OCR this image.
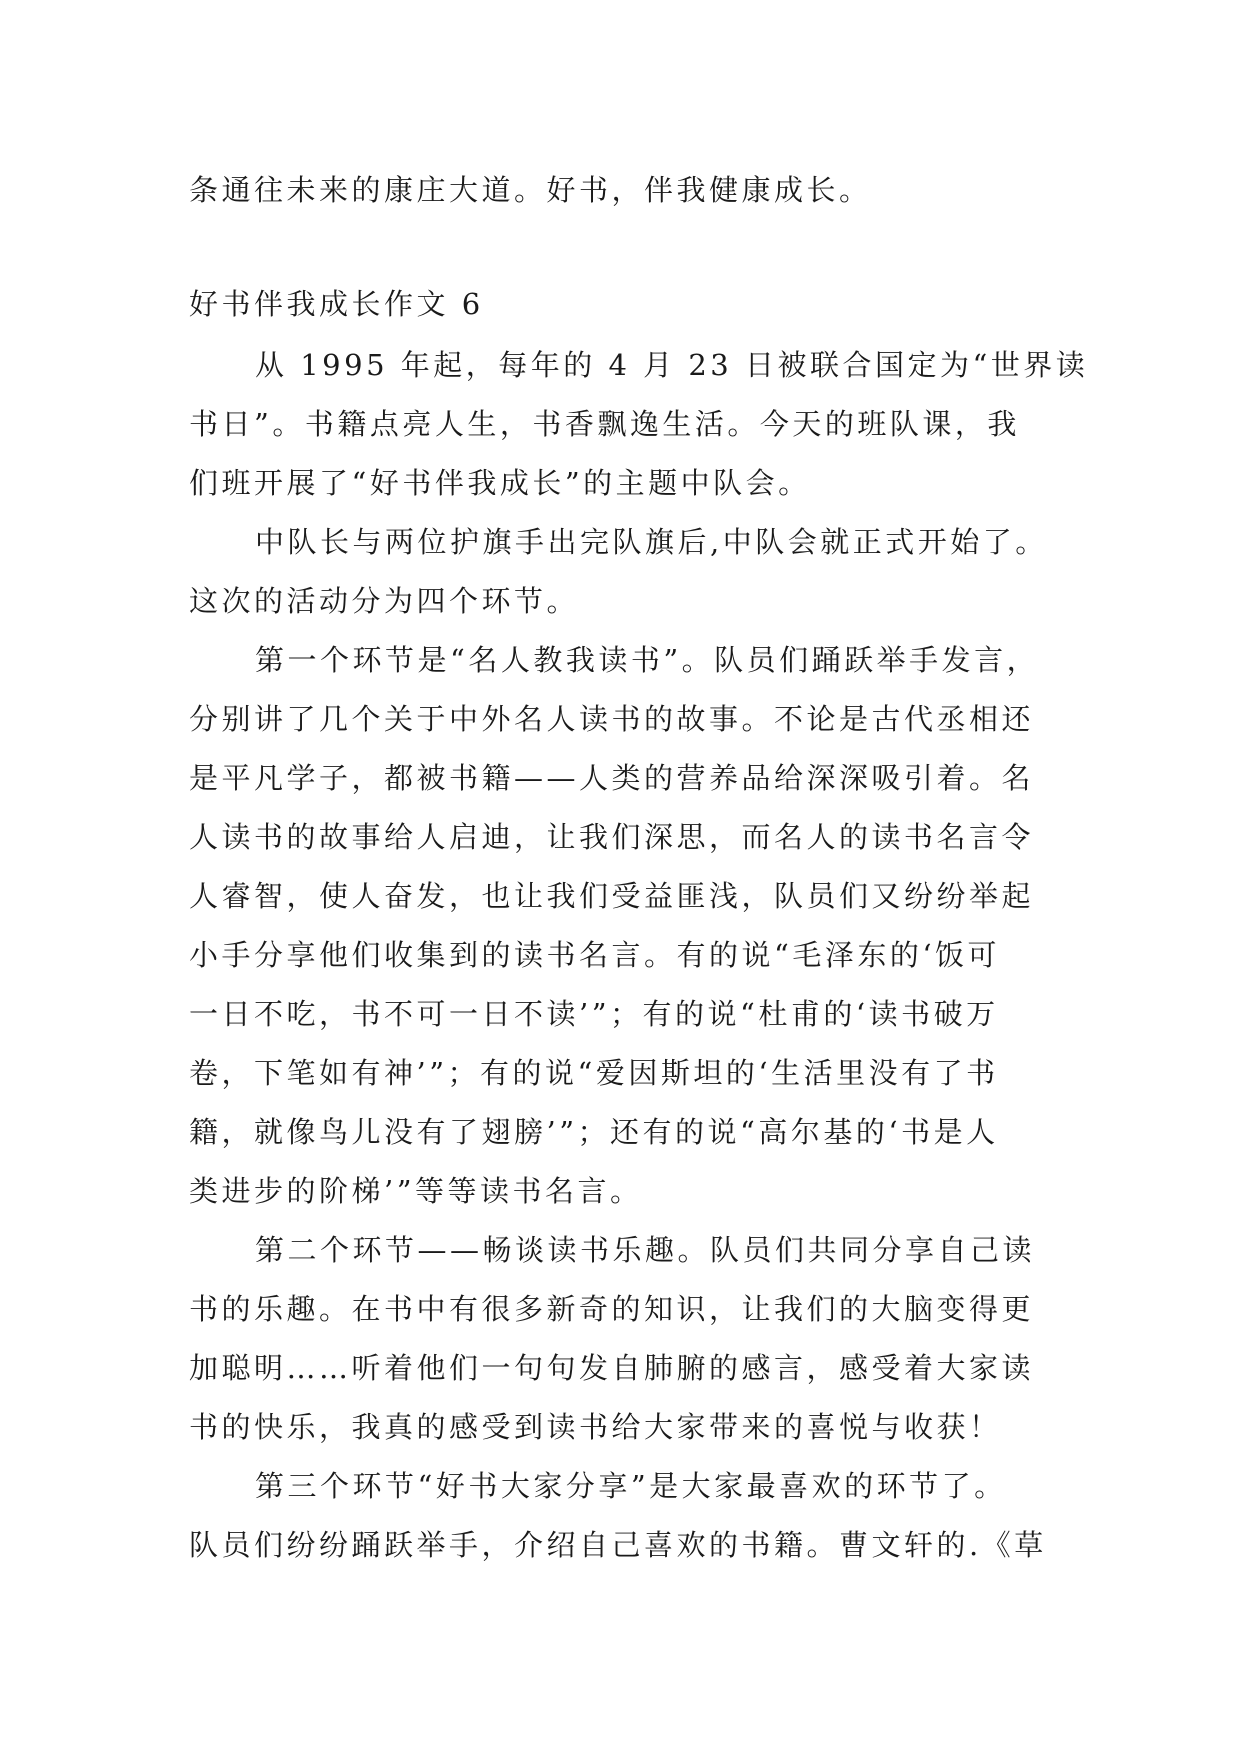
条通往未来的康庄大道。好书，伴我健康成长。
好书伴我成长作文 6
从 1995 年起，每年的 4 月 23 日被联合国定为“世界读
书日”。书籍点亮人生，书香飘逸生活。今天的班队课，我
们班开展了“好书伴我成长”的主题中队会。
中队长与两位护旗手出完队旗后,中队会就正式开始了。
这次的活动分为四个环节。
第一个环节是“名人教我读书”。队员们踊跃举手发言，
分别讲了几个关于中外名人读书的故事。不论是古代丞相还
是平凡学子，都被书籍——人类的营养品给深深吸引着。名
人读书的故事给人启迪，让我们深思，而名人的读书名言令
人睿智，使人奋发，也让我们受益匪浅，队员们又纷纷举起
小手分享他们收集到的读书名言。有的说“毛泽东的‘饭可
一日不吃，书不可一日不读’”；有的说“杜甫的‘读书破万
卷，下笔如有神’”；有的说“爱因斯坦的‘生活里没有了书
籍，就像鸟儿没有了翅膀’”；还有的说“高尔基的‘书是人
类进步的阶梯’”等等读书名言。
第二个环节——畅谈读书乐趣。队员们共同分享自己读
书的乐趣。在书中有很多新奇的知识，让我们的大脑变得更
加聪明……听着他们一句句发自肺腑的感言，感受着大家读
书的快乐，我真的感受到读书给大家带来的喜悦与收获！
第三个环节“好书大家分享”是大家最喜欢的环节了。
队员们纷纷踊跃举手，介绍自己喜欢的书籍。曹文轩的.《草
